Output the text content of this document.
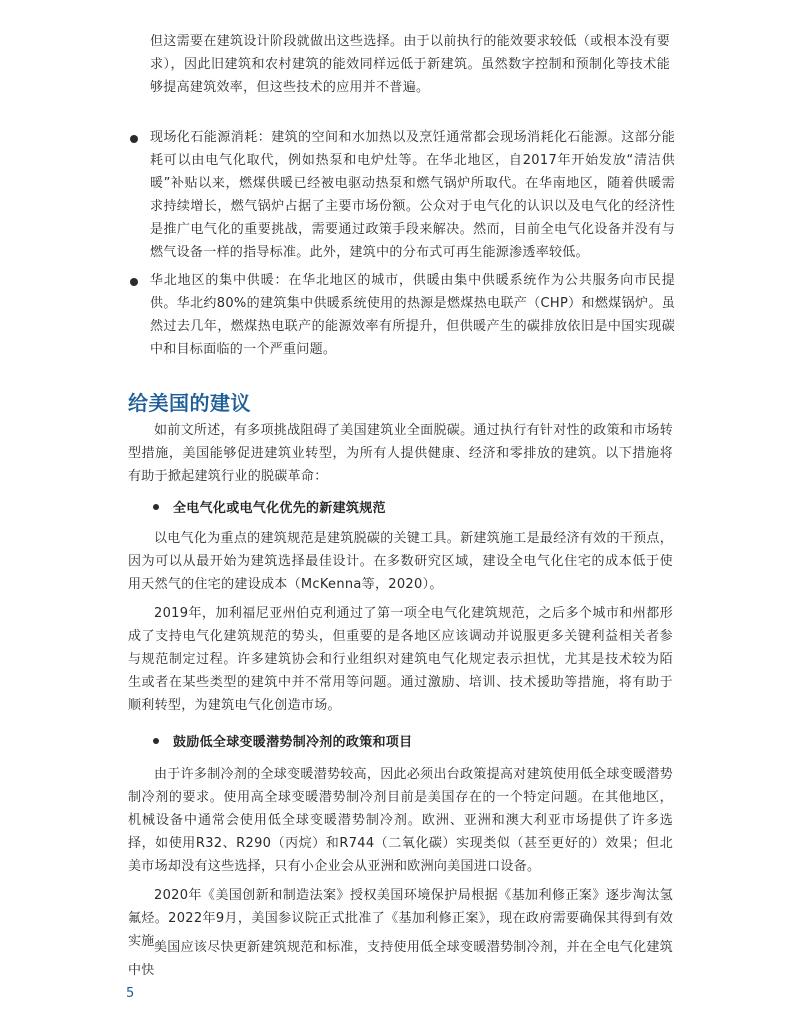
但这需要在建筑设计阶段就做出这些选择。由于以前执行的能效要求较低（或根本没有要求），因此旧建筑和农村建筑的能效同样远低于新建筑。虽然数字控制和预制化等技术能够提高建筑效率，但这些技术的应用并不普遍。

现场化石能源消耗：建筑的空间和水加热以及烹饪通常都会现场消耗化石能源。这部分能耗可以由电气化取代，例如热泵和电炉灶等。在华北地区，自2017年开始发放“清洁供暖”补贴以来，燃煤供暖已经被电驱动热泵和燃气锅炉所取代。在华南地区，随着供暖需求持续增长，燃气锅炉占据了主要市场份额。公众对于电气化的认识以及电气化的经济性是推广电气化的重要挑战，需要通过政策手段来解决。然而，目前全电气化设备并没有与燃气设备一样的指导标准。此外，建筑中的分布式可再生能源渗透率较低。

华北地区的集中供暖：在华北地区的城市，供暖由集中供暖系统作为公共服务向市民提供。华北约80%的建筑集中供暖系统使用的热源是燃煤热电联产（CHP）和燃煤锅炉。虽然过去几年，燃煤热电联产的能源效率有所提升，但供暖产生的碳排放依旧是中国实现碳中和目标面临的一个严重问题。

给美国的建议

如前文所述，有多项挑战阻碍了美国建筑业全面脱碳。通过执行有针对性的政策和市场转型措施，美国能够促进建筑业转型，为所有人提供健康、经济和零排放的建筑。以下措施将有助于掀起建筑行业的脱碳革命：

全电气化或电气化优先的新建筑规范

以电气化为重点的建筑规范是建筑脱碳的关键工具。新建筑施工是最经济有效的干预点，因为可以从最开始为建筑选择最佳设计。在多数研究区域，建设全电气化住宅的成本低于使用天然气的住宅的建设成本（McKenna等，2020）。

2019年，加利福尼亚州伯克利通过了第一项全电气化建筑规范，之后多个城市和州都形成了支持电气化建筑规范的势头，但重要的是各地区应该调动并说服更多关键利益相关者参与规范制定过程。许多建筑协会和行业组织对建筑电气化规定表示担忧，尤其是技术较为陌生或者在某些类型的建筑中并不常用等问题。通过激励、培训、技术援助等措施，将有助于顺利转型，为建筑电气化创造市场。

鼓励低全球变暖潜势制冷剂的政策和项目

由于许多制冷剂的全球变暖潜势较高，因此必须出台政策提高对建筑使用低全球变暖潜势制冷剂的要求。使用高全球变暖潜势制冷剂目前是美国存在的一个特定问题。在其他地区，机械设备中通常会使用低全球变暖潜势制冷剂。欧洲、亚洲和澳大利亚市场提供了许多选择，如使用R32、R290（丙烷）和R744（二氧化碳）实现类似（甚至更好的）效果；但北美市场却没有这些选择，只有小企业会从亚洲和欧洲向美国进口设备。

2020年《美国创新和制造法案》授权美国环境保护局根据《基加利修正案》逐步淘汰氢氟烃。2022年9月，美国参议院正式批准了《基加利修正案》，现在政府需要确保其得到有效实施。

美国应该尽快更新建筑规范和标准，支持使用低全球变暖潜势制冷剂，并在全电气化建筑中快

5
